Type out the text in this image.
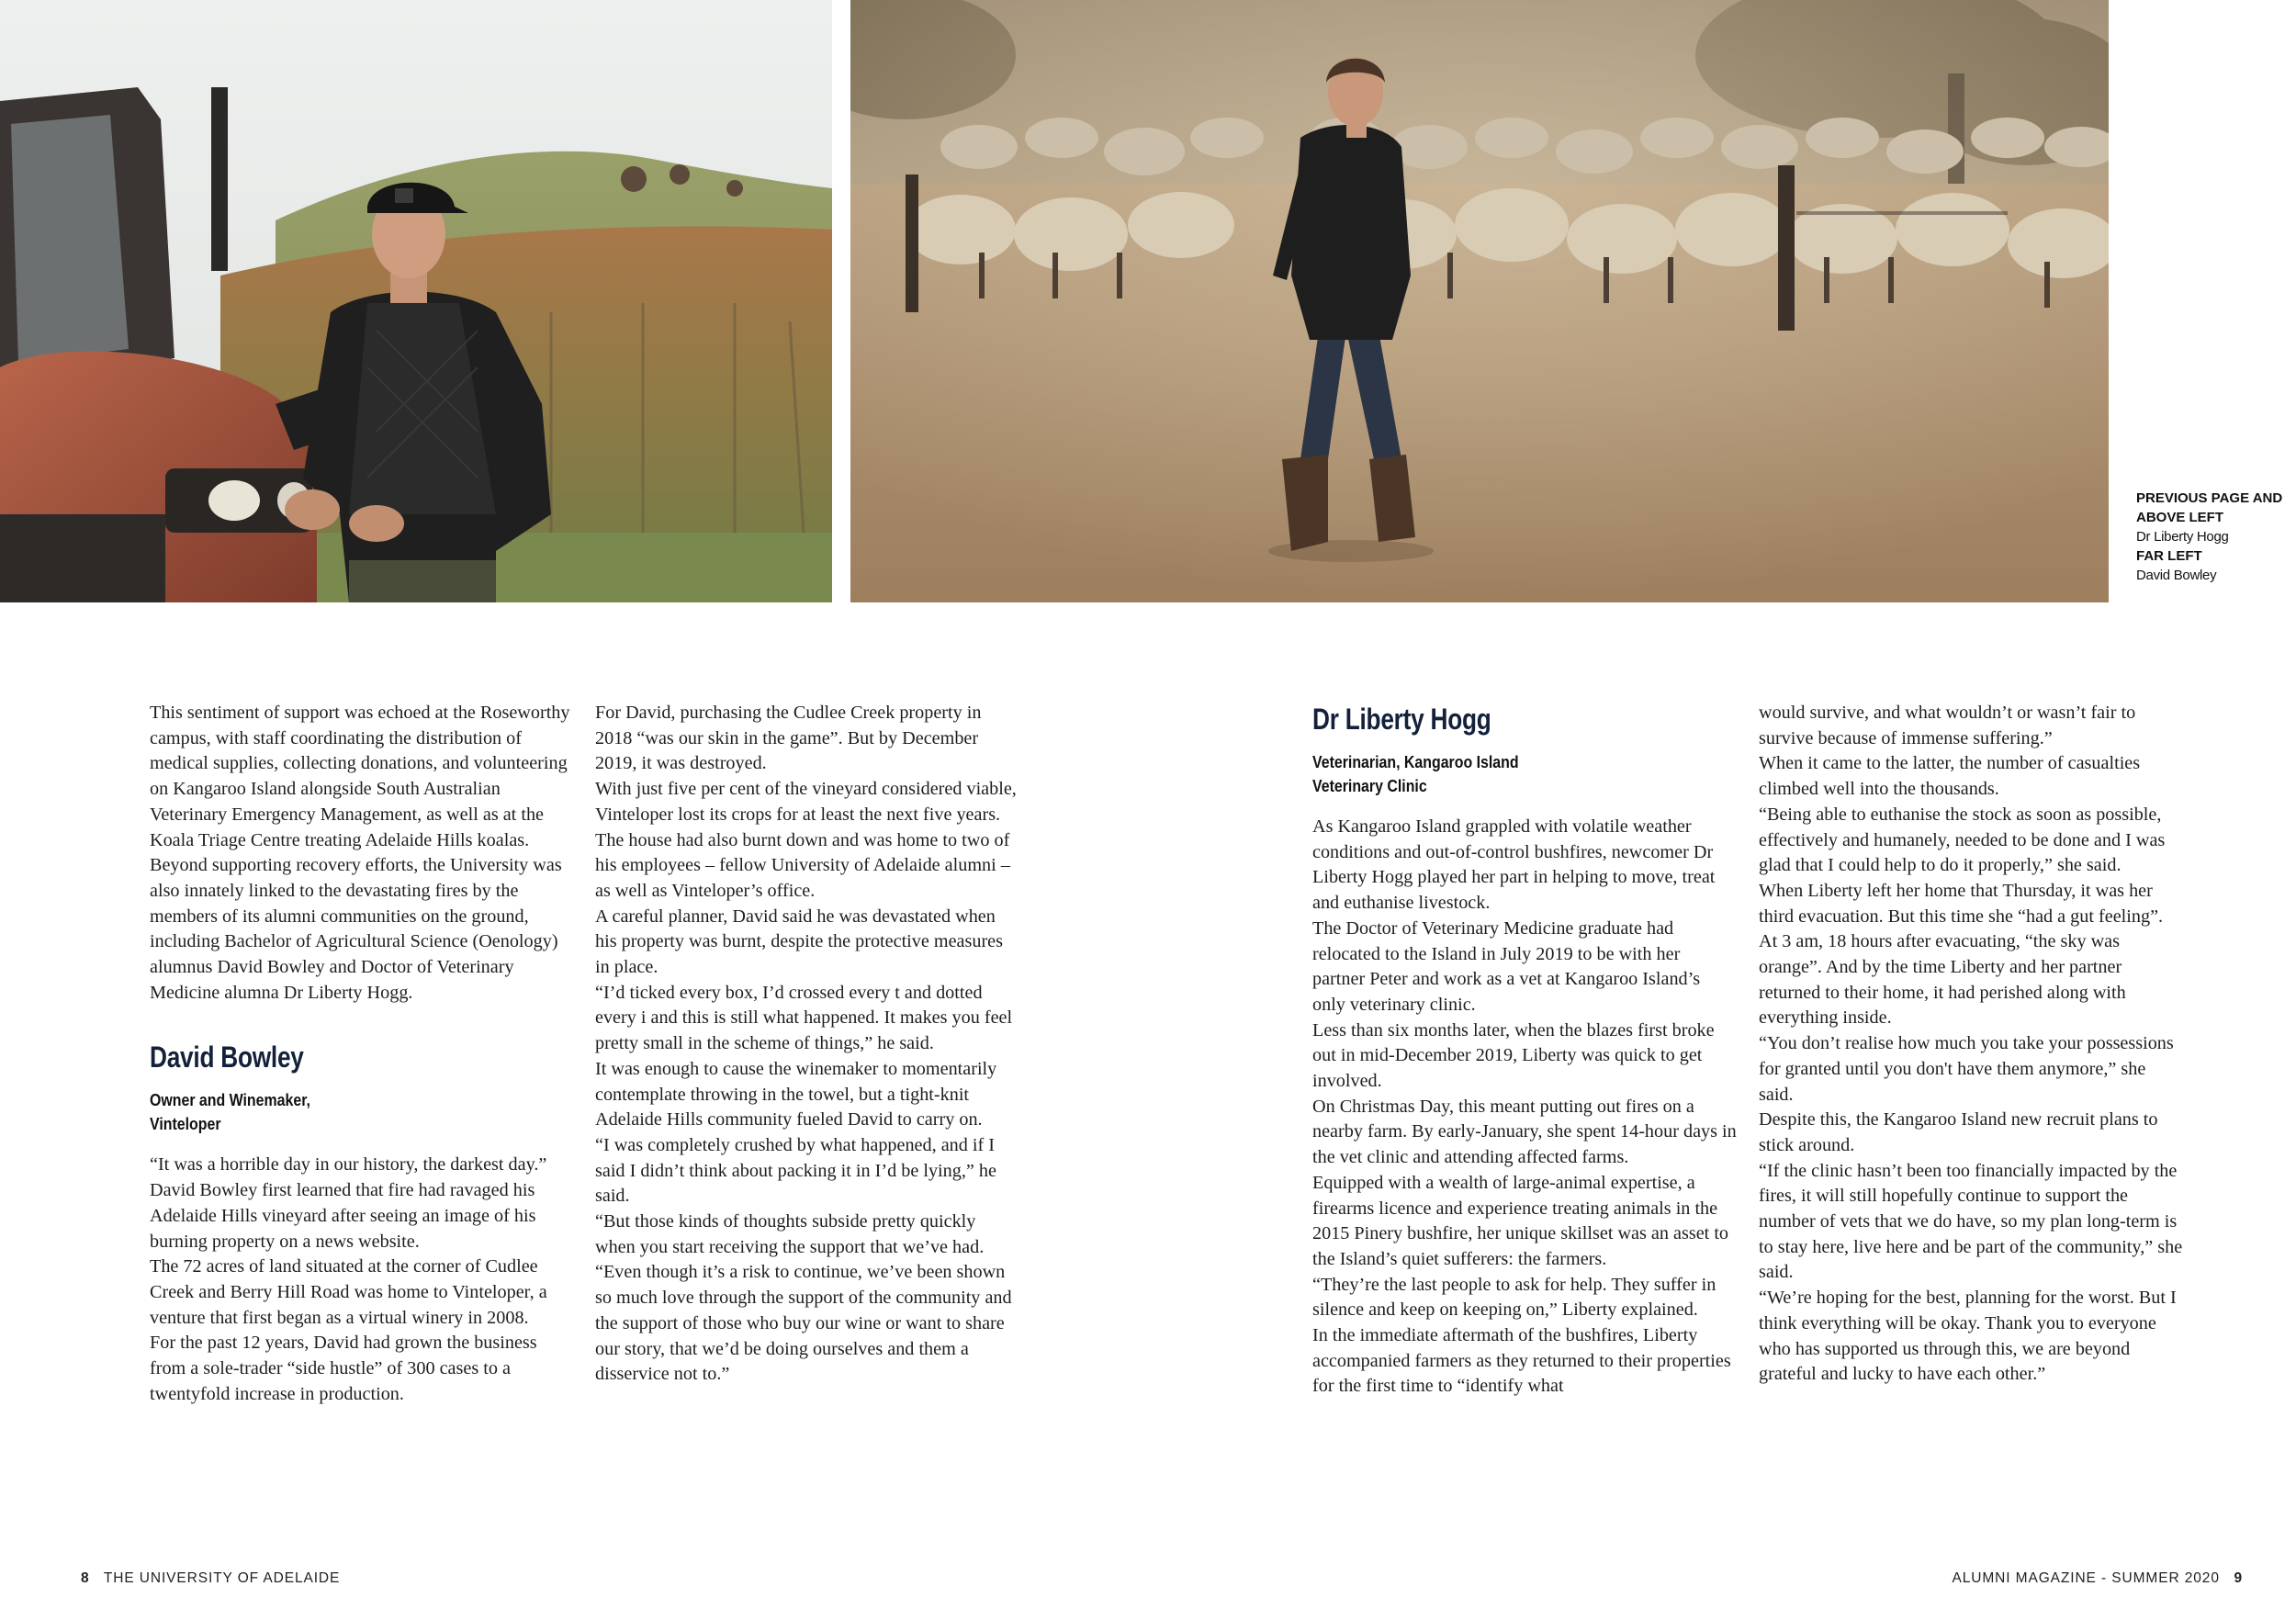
PREVIOUS PAGE AND ABOVE LEFT
Dr Liberty Hogg
FAR LEFT
David Bowley

This sentiment of support was echoed at the Roseworthy campus, with staff coordinating the distribution of medical supplies, collecting donations, and volunteering on Kangaroo Island alongside South Australian Veterinary Emergency Management, as well as at the Koala Triage Centre treating Adelaide Hills koalas.

Beyond supporting recovery efforts, the University was also innately linked to the devastating fires by the members of its alumni communities on the ground, including Bachelor of Agricultural Science (Oenology) alumnus David Bowley and Doctor of Veterinary Medicine alumna Dr Liberty Hogg.

David Bowley

Owner and Winemaker,

Vinteloper

“It was a horrible day in our history, the darkest day.”

David Bowley first learned that fire had ravaged his Adelaide Hills vineyard after seeing an image of his burning property on a news website.

The 72 acres of land situated at the corner of Cudlee Creek and Berry Hill Road was home to Vinteloper, a venture that first began as a virtual winery in 2008.

For the past 12 years, David had grown the business from a sole-trader “side hustle” of 300 cases to a twentyfold increase in production.

For David, purchasing the Cudlee Creek property in 2018 “was our skin in the game”. But by December 2019, it was destroyed.

With just five per cent of the vineyard considered viable, Vinteloper lost its crops for at least the next five years. The house had also burnt down and was home to two of his employees – fellow University of Adelaide alumni – as well as Vinteloper’s office.

A careful planner, David said he was devastated when his property was burnt, despite the protective measures in place.

“I’d ticked every box, I’d crossed every t and dotted every i and this is still what happened. It makes you feel pretty small in the scheme of things,” he said.

It was enough to cause the winemaker to momentarily contemplate throwing in the towel, but a tight-knit Adelaide Hills community fueled David to carry on.

“I was completely crushed by what happened, and if I said I didn’t think about packing it in I’d be lying,” he said.

“But those kinds of thoughts subside pretty quickly when you start receiving the support that we’ve had.

“Even though it’s a risk to continue, we’ve been shown so much love through the support of the community and the support of those who buy our wine or want to share our story, that we’d be doing ourselves and them a disservice not to.”

Dr Liberty Hogg

Veterinarian, Kangaroo Island

Veterinary Clinic

As Kangaroo Island grappled with volatile weather conditions and out-of-control bushfires, newcomer Dr Liberty Hogg played her part in helping to move, treat and euthanise livestock.

The Doctor of Veterinary Medicine graduate had relocated to the Island in July 2019 to be with her partner Peter and work as a vet at Kangaroo Island’s only veterinary clinic.

Less than six months later, when the blazes first broke out in mid-December 2019, Liberty was quick to get involved.

On Christmas Day, this meant putting out fires on a nearby farm. By early-January, she spent 14-hour days in the vet clinic and attending affected farms.

Equipped with a wealth of large-animal expertise, a firearms licence and experience treating animals in the 2015 Pinery bushfire, her unique skillset was an asset to the Island’s quiet sufferers: the farmers.

“They’re the last people to ask for help. They suffer in silence and keep on keeping on,” Liberty explained.

In the immediate aftermath of the bushfires, Liberty accompanied farmers as they returned to their properties for the first time to “identify what

would survive, and what wouldn’t or wasn’t fair to survive because of immense suffering.”

When it came to the latter, the number of casualties climbed well into the thousands.

“Being able to euthanise the stock as soon as possible, effectively and humanely, needed to be done and I was glad that I could help to do it properly,” she said.

When Liberty left her home that Thursday, it was her third evacuation. But this time she “had a gut feeling”.

At 3 am, 18 hours after evacuating, “the sky was orange”. And by the time Liberty and her partner returned to their home, it had perished along with everything inside.

“You don’t realise how much you take your possessions for granted until you don't have them anymore,” she said.

Despite this, the Kangaroo Island new recruit plans to stick around.

“If the clinic hasn’t been too financially impacted by the fires, it will still hopefully continue to support the number of vets that we do have, so my plan long-term is to stay here, live here and be part of the community,” she said.

“We’re hoping for the best, planning for the worst. But I think everything will be okay. Thank you to everyone who has supported us through this, we are beyond grateful and lucky to have each other.”

8 THE UNIVERSITY OF ADELAIDE	ALUMNI MAGAZINE - SUMMER 2020 9
